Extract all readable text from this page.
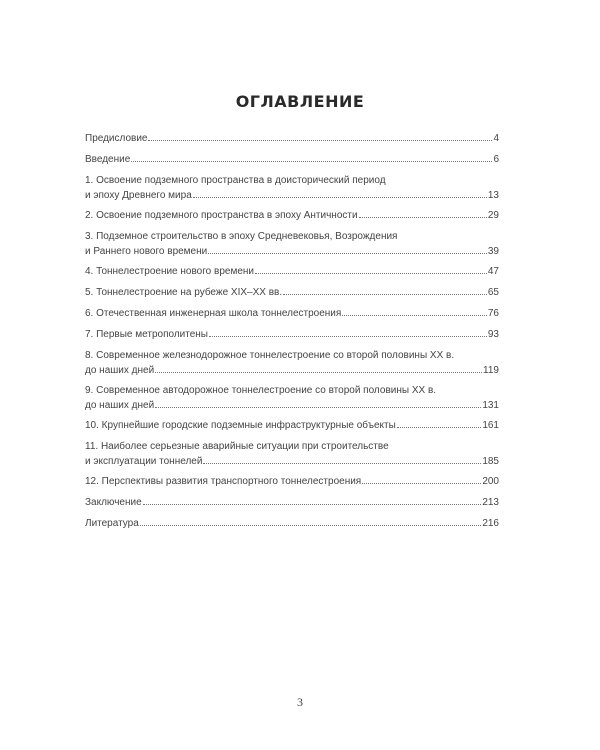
ОГЛАВЛЕНИЕ
Предисловие	4
Введение	6
1. Освоение подземного пространства в доисторический период
и эпоху Древнего мира	13
2. Освоение подземного пространства в эпоху Античности	29
3. Подземное строительство в эпоху Средневековья, Возрождения
и Раннего нового времени	39
4. Тоннелестроение нового времени	47
5. Тоннелестроение на рубеже XIX–XX вв.	65
6. Отечественная инженерная школа тоннелестроения	76
7. Первые метрополитены	93
8. Современное железнодорожное тоннелестроение со второй половины XX в.
до наших дней	119
9. Современное автодорожное тоннелестроение со второй половины XX в.
до наших дней	131
10. Крупнейшие городские подземные инфраструктурные объекты	161
11. Наиболее серьезные аварийные ситуации при строительстве
и эксплуатации тоннелей	185
12. Перспективы развития транспортного тоннелестроения	200
Заключение	213
Литература	216
3
